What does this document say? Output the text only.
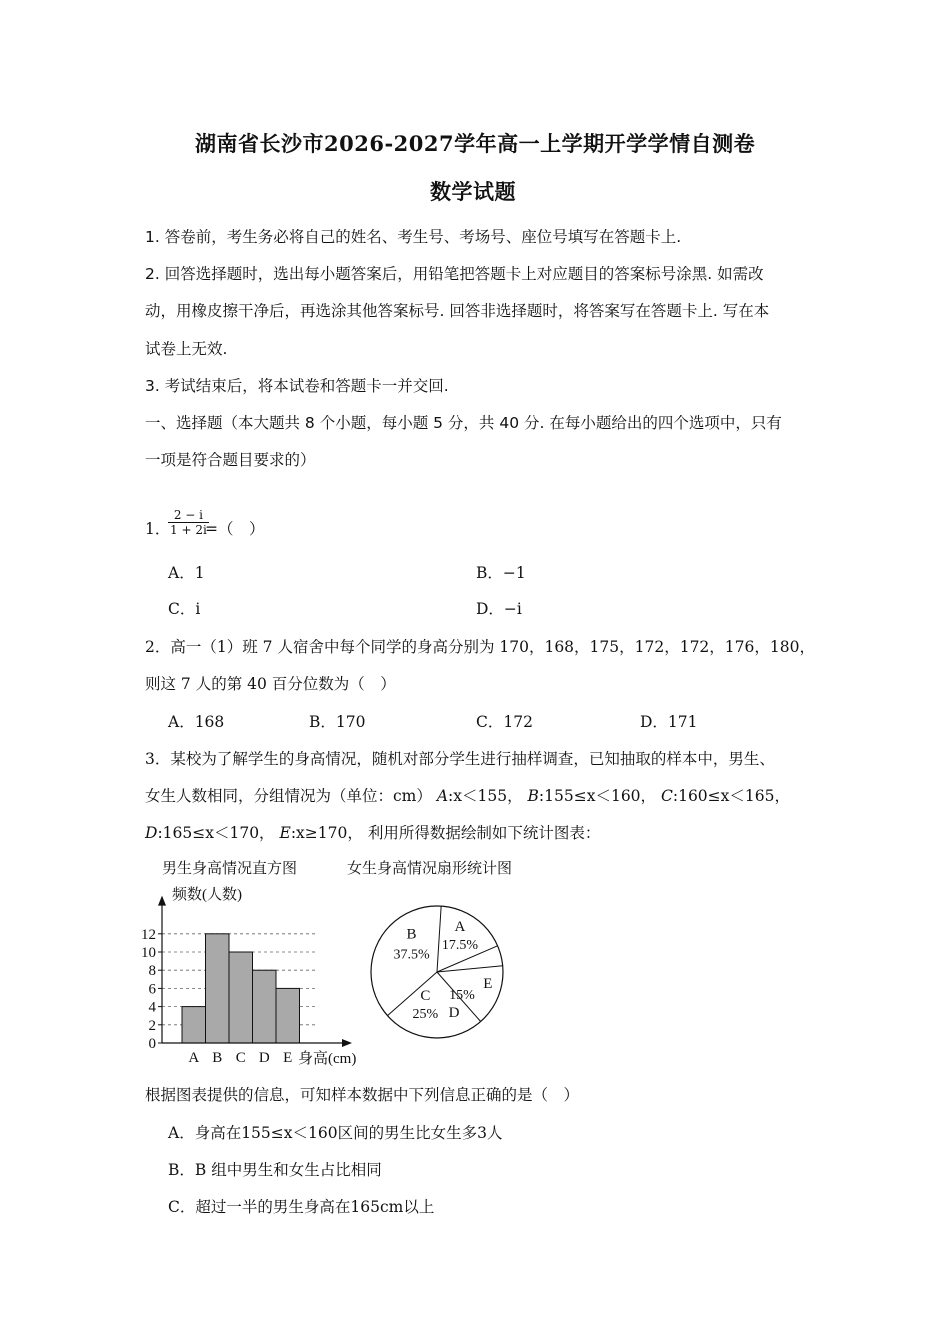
湖南省长沙市2026-2027学年高一上学期开学学情自测卷
数学试题
1. 答卷前，考生务必将自己的姓名、考生号、考场号、座位号填写在答题卡上.
2. 回答选择题时，选出每小题答案后，用铅笔把答题卡上对应题目的答案标号涂黑. 如需改
动，用橡皮擦干净后，再选涂其他答案标号. 回答非选择题时，将答案写在答题卡上. 写在本
试卷上无效.
3. 考试结束后，将本试卷和答题卡一并交回.
一、选择题（本大题共 8 个小题，每小题 5 分，共 40 分. 在每小题给出的四个选项中，只有
一项是符合题目要求的）
1．
$\frac{2 - i}{1 + 2i}$
=（　）
A．1	B．−1
C．i	D．−i
2．高一（1）班 7 人宿舍中每个同学的身高分别为 170，168，175，172，172，176，180，
则这 7 人的第 40 百分位数为（　）
A．168	B．170	C．172	D．171
3．某校为了解学生的身高情况，随机对部分学生进行抽样调查，已知抽取的样本中，男生、
女生人数相同，分组情况为（单位：cm） A:x＜155， B:155≤x＜160， C:160≤x＜165，
D:165≤x＜170， E:x≥170， 利用所得数据绘制如下统计图表：
男生身高情况直方图	女生身高情况扇形统计图
0
2
4
6
8
10
12
A B C D E
频数(人数)
身高(cm)
A
17.5%
B
37.5%
C
25%
15%
D
E
根据图表提供的信息，可知样本数据中下列信息正确的是（　）
A．身高在155≤x＜160区间的男生比女生多3人
B．B 组中男生和女生占比相同
C．超过一半的男生身高在165cm以上
